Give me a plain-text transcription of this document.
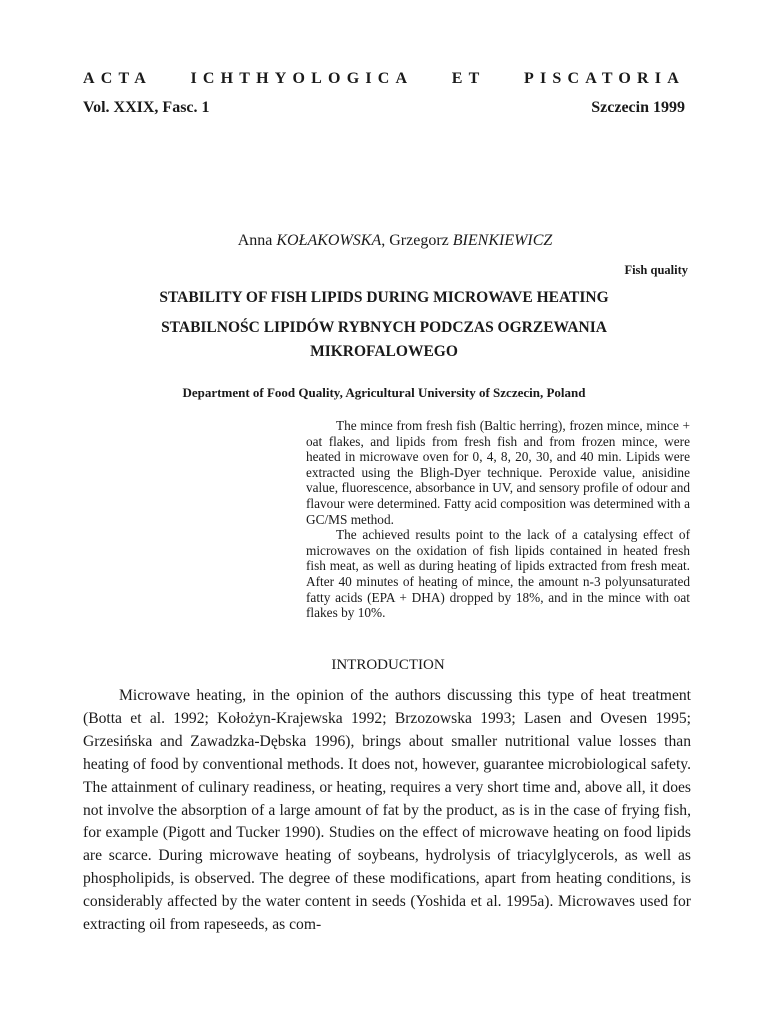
ACTA ICHTHYOLOGICA ET PISCATORIA
Vol. XXIX, Fasc. 1	Szczecin 1999
Anna KOŁAKOWSKA, Grzegorz BIENKIEWICZ
Fish quality
STABILITY OF FISH LIPIDS DURING MICROWAVE HEATING
STABILNOŚC LIPIDÓW RYBNYCH PODCZAS OGRZEWANIA
MIKROFALOWEGO
Department of Food Quality, Agricultural University of Szczecin, Poland

The mince from fresh fish (Baltic herring), frozen mince, mince + oat flakes, and lipids from fresh fish and from frozen mince, were heated in microwave oven for 0, 4, 8, 20, 30, and 40 min. Lipids were extracted using the Bligh-Dyer technique. Peroxide value, anisidine value, fluorescence, absorbance in UV, and sensory profile of odour and flavour were determined. Fatty acid composition was determined with a GC/MS method.

The achieved results point to the lack of a catalysing effect of microwaves on the oxidation of fish lipids contained in heated fresh fish meat, as well as during heating of lipids extracted from fresh meat. After 40 minutes of heating of mince, the amount n-3 polyunsaturated fatty acids (EPA + DHA) dropped by 18%, and in the mince with oat flakes by 10%.

INTRODUCTION

Microwave heating, in the opinion of the authors discussing this type of heat treatment (Botta et al. 1992; Kołożyn-Krajewska 1992; Brzozowska 1993; Lasen and Ovesen 1995; Grzesińska and Zawadzka-Dębska 1996), brings about smaller nutritional value losses than heating of food by conventional methods. It does not, however, guarantee microbiological safety. The attainment of culinary readiness, or heating, requires a very short time and, above all, it does not involve the absorption of a large amount of fat by the product, as is in the case of frying fish, for example (Pigott and Tucker 1990). Studies on the effect of microwave heating on food lipids are scarce. During microwave heating of soybeans, hydrolysis of triacylglycerols, as well as phospholipids, is observed. The degree of these modifications, apart from heating conditions, is considerably affected by the water content in seeds (Yoshida et al. 1995a). Microwaves used for extracting oil from rapeseeds, as com-
